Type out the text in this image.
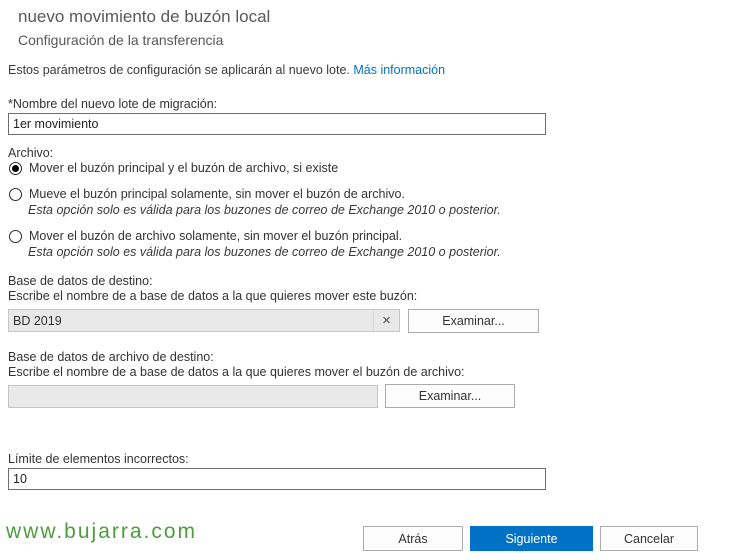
nuevo movimiento de buzón local
Configuración de la transferencia
Estos parámetros de configuración se aplicarán al nuevo lote. Más información
*Nombre del nuevo lote de migración:
1er movimiento
Archivo:
Mover el buzón principal y el buzón de archivo, si existe
Mueve el buzón principal solamente, sin mover el buzón de archivo.
Esta opción solo es válida para los buzones de correo de Exchange 2010 o posterior.
Mover el buzón de archivo solamente, sin mover el buzón principal.
Esta opción solo es válida para los buzones de correo de Exchange 2010 o posterior.
Base de datos de destino:
Escribe el nombre de a base de datos a la que quieres mover este buzón:
BD 2019
×	Examinar...
Base de datos de archivo de destino:
Escribe el nombre de a base de datos a la que quieres mover el buzón de archivo:
Examinar...
Límite de elementos incorrectos:
10
www.bujarra.com	Atrás	Siguiente	Cancelar
